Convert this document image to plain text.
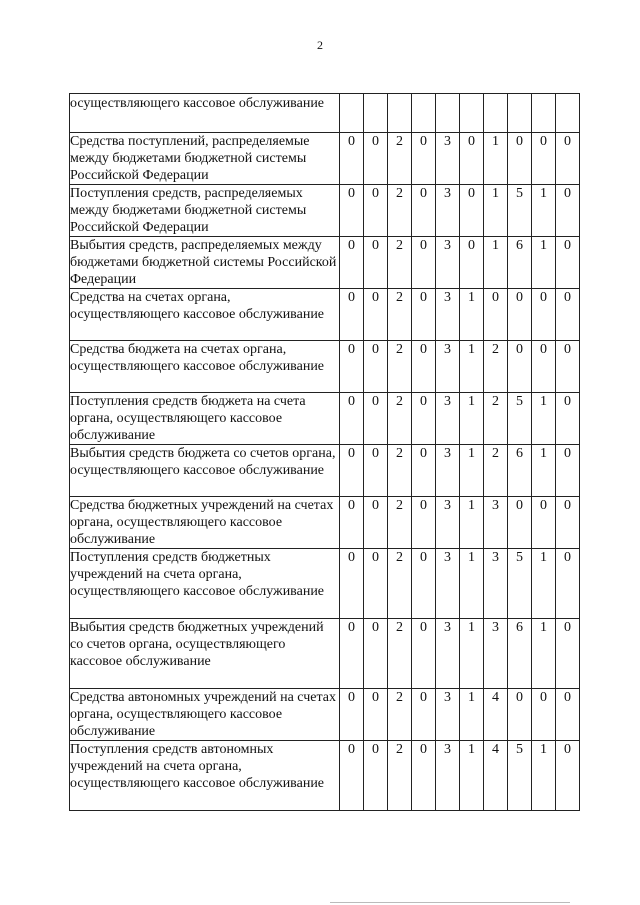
2
осуществляющего кассовое обслуживание										
Средства поступлений, распределяемые между бюджетами бюджетной системы Российской Федерации	0	0	2	0	3	0	1	0	0	0
Поступления средств, распределяемых между бюджетами бюджетной системы Российской Федерации	0	0	2	0	3	0	1	5	1	0
Выбытия средств, распределяемых между бюджетами бюджетной системы Российской Федерации	0	0	2	0	3	0	1	6	1	0
Средства на счетах органа, осуществляющего кассовое обслуживание	0	0	2	0	3	1	0	0	0	0
Средства бюджета на счетах органа, осуществляющего кассовое обслуживание	0	0	2	0	3	1	2	0	0	0
Поступления средств бюджета на счета органа, осуществляющего кассовое обслуживание	0	0	2	0	3	1	2	5	1	0
Выбытия средств бюджета со счетов органа, осуществляющего кассовое обслуживание	0	0	2	0	3	1	2	6	1	0
Средства бюджетных учреждений на счетах органа, осуществляющего кассовое обслуживание	0	0	2	0	3	1	3	0	0	0
Поступления средств бюджетных учреждений на счета органа, осуществляющего кассовое обслуживание	0	0	2	0	3	1	3	5	1	0
Выбытия средств бюджетных учреждений со счетов органа, осуществляющего кассовое обслуживание	0	0	2	0	3	1	3	6	1	0
Средства автономных учреждений на счетах органа, осуществляющего кассовое обслуживание	0	0	2	0	3	1	4	0	0	0
Поступления средств автономных учреждений на счета органа, осуществляющего кассовое обслуживание	0	0	2	0	3	1	4	5	1	0
